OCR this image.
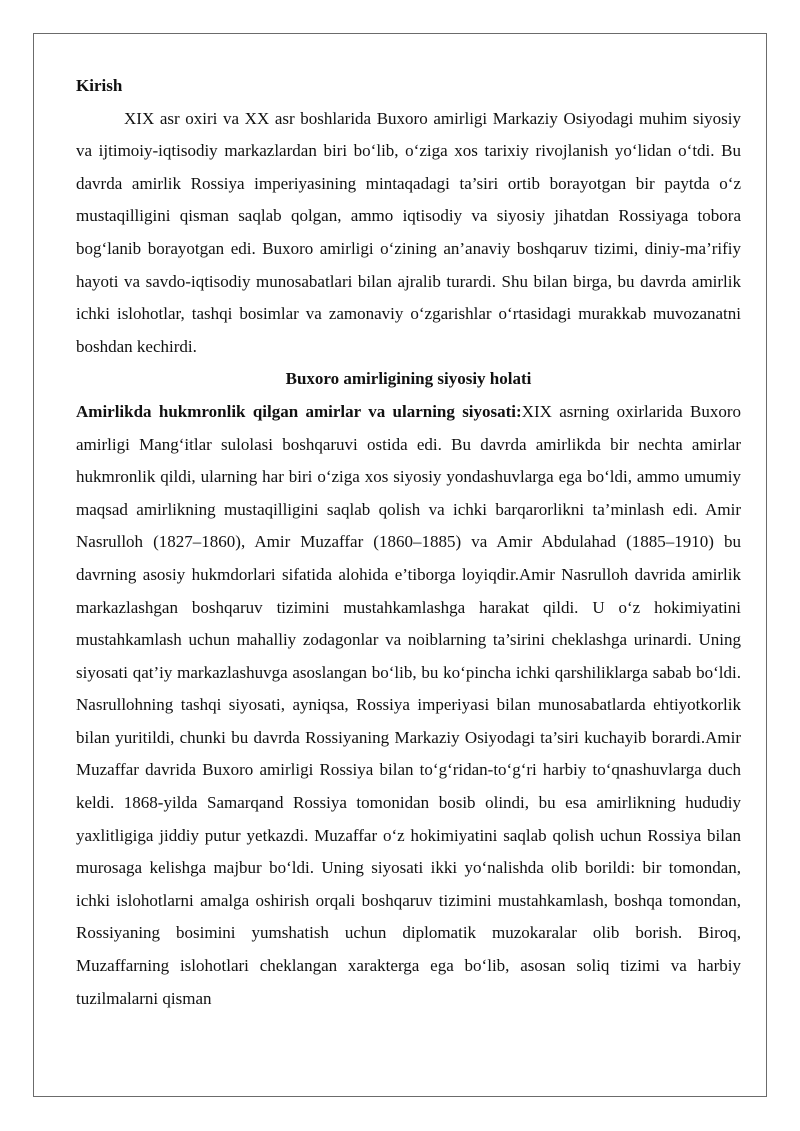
Kirish

XIX asr oxiri va XX asr boshlarida Buxoro amirligi Markaziy Osiyodagi muhim siyosiy va ijtimoiy-iqtisodiy markazlardan biri bo‘lib, o‘ziga xos tarixiy rivojlanish yo‘lidan o‘tdi. Bu davrda amirlik Rossiya imperiyasining mintaqadagi ta’siri ortib borayotgan bir paytda o‘z mustaqilligini qisman saqlab qolgan, ammo iqtisodiy va siyosiy jihatdan Rossiyaga tobora bog‘lanib borayotgan edi. Buxoro amirligi o‘zining an’anaviy boshqaruv tizimi, diniy-ma’rifiy hayoti va savdo-iqtisodiy munosabatlari bilan ajralib turardi. Shu bilan birga, bu davrda amirlik ichki islohotlar, tashqi bosimlar va zamonaviy o‘zgarishlar o‘rtasidagi murakkab muvozanatni boshdan kechirdi.

Buxoro amirligining siyosiy holati

Amirlikda hukmronlik qilgan amirlar va ularning siyosati:XIX asrning oxirlarida Buxoro amirligi Mang‘itlar sulolasi boshqaruvi ostida edi. Bu davrda amirlikda bir nechta amirlar hukmronlik qildi, ularning har biri o‘ziga xos siyosiy yondashuvlarga ega bo‘ldi, ammo umumiy maqsad amirlikning mustaqilligini saqlab qolish va ichki barqarorlikni ta’minlash edi. Amir Nasrulloh (1827–1860), Amir Muzaffar (1860–1885) va Amir Abdulahad (1885–1910) bu davrning asosiy hukmdorlari sifatida alohida e’tiborga loyiqdir.Amir Nasrulloh davrida amirlik markazlashgan boshqaruv tizimini mustahkamlashga harakat qildi. U o‘z hokimiyatini mustahkamlash uchun mahalliy zodagonlar va noiblarning ta’sirini cheklashga urinardi. Uning siyosati qat’iy markazlashuvga asoslangan bo‘lib, bu ko‘pincha ichki qarshiliklarga sabab bo‘ldi. Nasrullohning tashqi siyosati, ayniqsa, Rossiya imperiyasi bilan munosabatlarda ehtiyotkorlik bilan yuritildi, chunki bu davrda Rossiyaning Markaziy Osiyodagi ta’siri kuchayib borardi.Amir Muzaffar davrida Buxoro amirligi Rossiya bilan to‘g‘ridan-to‘g‘ri harbiy to‘qnashuvlarga duch keldi. 1868-yilda Samarqand Rossiya tomonidan bosib olindi, bu esa amirlikning hududiy yaxlitligiga jiddiy putur yetkazdi. Muzaffar o‘z hokimiyatini saqlab qolish uchun Rossiya bilan murosaga kelishga majbur bo‘ldi. Uning siyosati ikki yo‘nalishda olib borildi: bir tomondan, ichki islohotlarni amalga oshirish orqali boshqaruv tizimini mustahkamlash, boshqa tomondan, Rossiyaning bosimini yumshatish uchun diplomatik muzokaralar olib borish. Biroq, Muzaffarning islohotlari cheklangan xarakterga ega bo‘lib, asosan soliq tizimi va harbiy tuzilmalarni qisman
